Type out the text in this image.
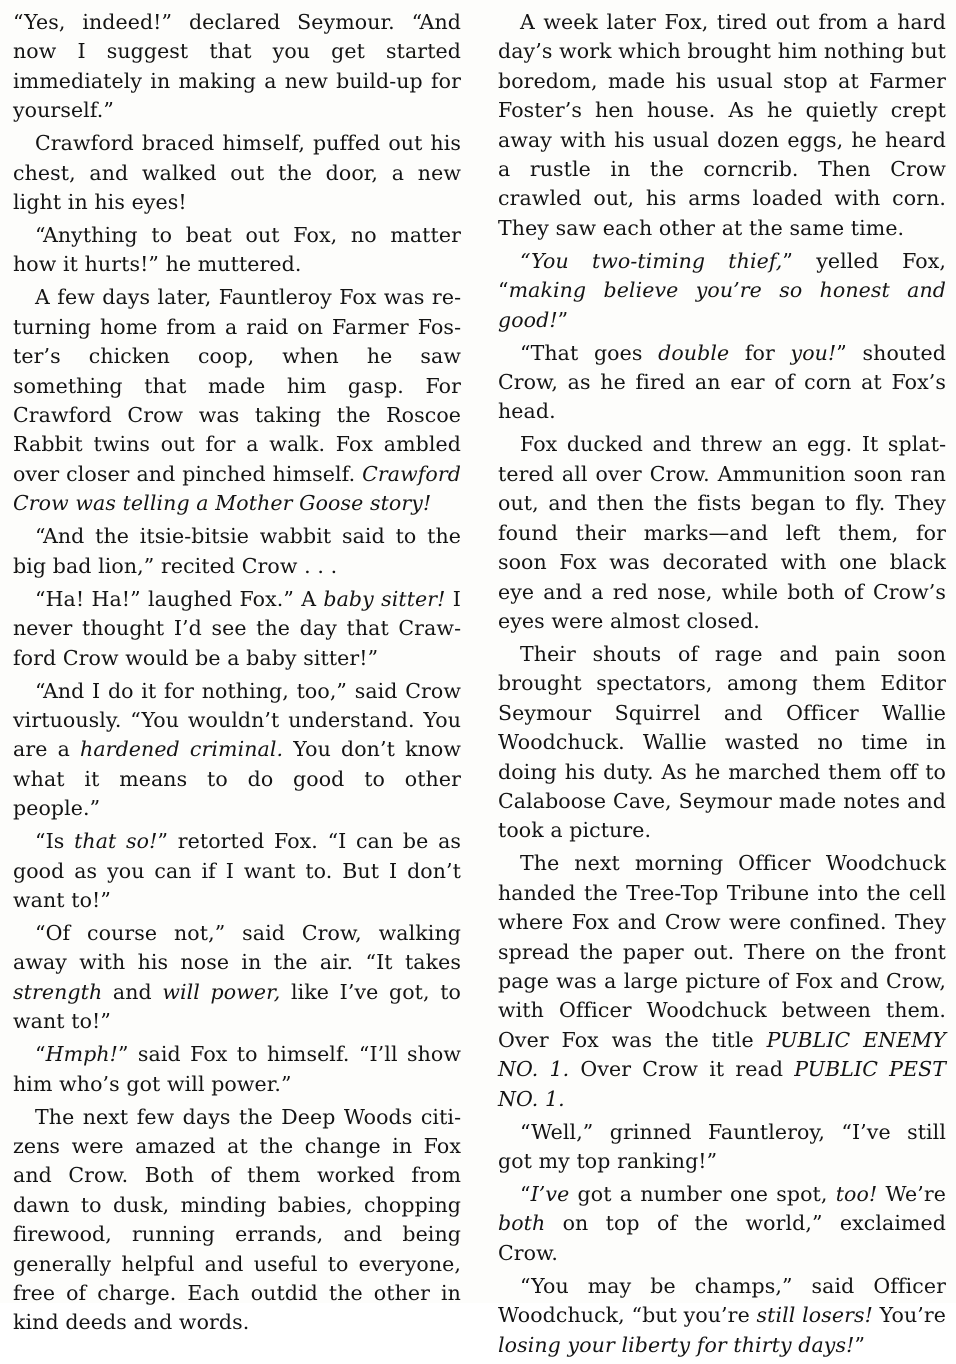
“Yes, indeed!” declared Seymour. “And now I suggest that you get started immediately in making a new build-up for yourself.”

Crawford braced himself, puffed out his chest, and walked out the door, a new light in his eyes!

“Anything to beat out Fox, no matter how it hurts!” he muttered.

A few days later, Fauntleroy Fox was returning home from a raid on Farmer Foster’s chicken coop, when he saw something that made him gasp. For Crawford Crow was taking the Roscoe Rabbit twins out for a walk. Fox ambled over closer and pinched himself. Crawford Crow was telling a Mother Goose story!

“And the itsie-bitsie wabbit said to the big bad lion,” recited Crow . . .

“Ha! Ha!” laughed Fox.” A baby sitter! I never thought I’d see the day that Crawford Crow would be a baby sitter!”

“And I do it for nothing, too,” said Crow virtuously. “You wouldn’t understand. You are a hardened criminal. You don’t know what it means to do good to other people.”

“Is that so!” retorted Fox. “I can be as good as you can if I want to. But I don’t want to!”

“Of course not,” said Crow, walking away with his nose in the air. “It takes strength and will power, like I’ve got, to want to!”

“Hmph!” said Fox to himself. “I’ll show him who’s got will power.”

The next few days the Deep Woods citizens were amazed at the change in Fox and Crow. Both of them worked from dawn to dusk, minding babies, chopping firewood, running errands, and being generally helpful and useful to everyone, free of charge. Each outdid the other in kind deeds and words.

A week later Fox, tired out from a hard day’s work which brought him nothing but boredom, made his usual stop at Farmer Foster’s hen house. As he quietly crept away with his usual dozen eggs, he heard a rustle in the corncrib. Then Crow crawled out, his arms loaded with corn. They saw each other at the same time.

“You two-timing thief,” yelled Fox, “making believe you’re so honest and good!”

“That goes double for you!” shouted Crow, as he fired an ear of corn at Fox’s head.

Fox ducked and threw an egg. It splattered all over Crow. Ammunition soon ran out, and then the fists began to fly. They found their marks—and left them, for soon Fox was decorated with one black eye and a red nose, while both of Crow’s eyes were almost closed.

Their shouts of rage and pain soon brought spectators, among them Editor Seymour Squirrel and Officer Wallie Woodchuck. Wallie wasted no time in doing his duty. As he marched them off to Calaboose Cave, Seymour made notes and took a picture.

The next morning Officer Woodchuck handed the Tree-Top Tribune into the cell where Fox and Crow were confined. They spread the paper out. There on the front page was a large picture of Fox and Crow, with Officer Woodchuck between them. Over Fox was the title PUBLIC ENEMY NO. 1. Over Crow it read PUBLIC PEST NO. 1.

“Well,” grinned Fauntleroy, “I’ve still got my top ranking!”

“I’ve got a number one spot, too! We’re both on top of the world,” exclaimed Crow.

“You may be champs,” said Officer Woodchuck, “but you’re still losers! You’re losing your liberty for thirty days!”
